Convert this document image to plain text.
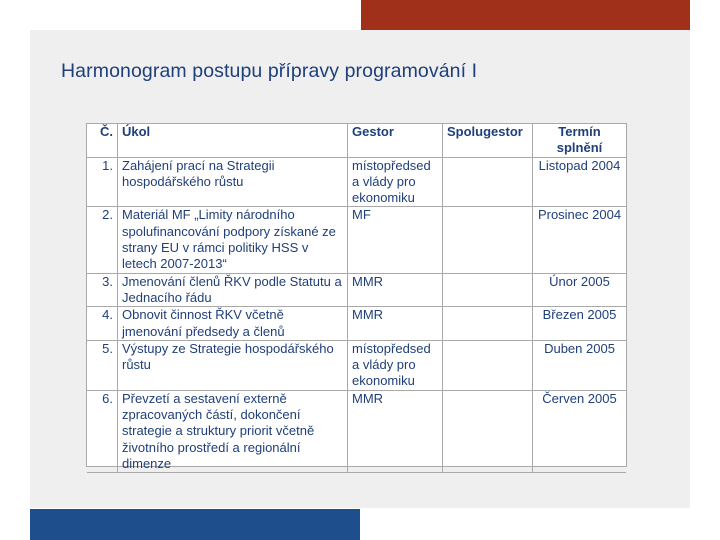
Harmonogram postupu přípravy programování I
Č.	Úkol	Gestor	Spolugestor	Termín splnění
1.	Zahájení prací na Strategii hospodářského růstu	místopředsed a vlády pro ekonomiku		Listopad 2004
2.	Materiál MF „Limity národního spolufinancování podpory získané ze strany EU v rámci politiky HSS v letech 2007-2013“	MF		Prosinec 2004
3.	Jmenování členů ŘKV podle Statutu a Jednacího řádu	MMR		Únor 2005
4.	Obnovit činnost ŘKV včetně jmenování předsedy a členů	MMR		Březen 2005
5.	Výstupy ze Strategie hospodářského růstu	místopředsed a vlády pro ekonomiku		Duben 2005
6.	Převzetí a sestavení externě zpracovaných částí, dokončení strategie a struktury priorit včetně životního prostředí a regionální dimenze	MMR		Červen 2005
